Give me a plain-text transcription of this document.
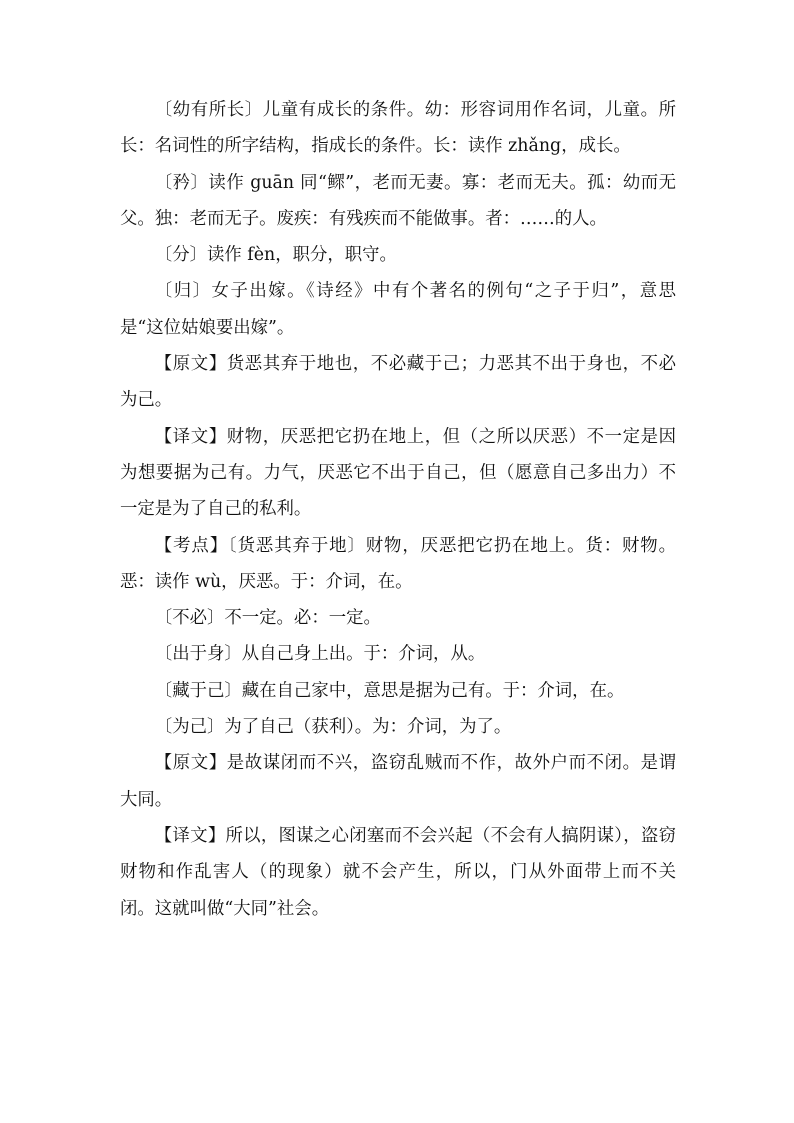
〔幼有所长〕儿童有成长的条件。幼：形容词用作名词，儿童。所长：名词性的所字结构，指成长的条件。长：读作 zhǎng，成长。

〔矜〕读作 guān 同“鳏”，老而无妻。寡：老而无夫。孤：幼而无父。独：老而无子。废疾：有残疾而不能做事。者：……的人。

〔分〕读作 fèn，职分，职守。

〔归〕女子出嫁。《诗经》中有个著名的例句“之子于归”，意思是“这位姑娘要出嫁”。

【原文】货恶其弃于地也，不必藏于己；力恶其不出于身也，不必为己。

【译文】财物，厌恶把它扔在地上，但（之所以厌恶）不一定是因为想要据为己有。力气，厌恶它不出于自己，但（愿意自己多出力）不一定是为了自己的私利。

【考点】〔货恶其弃于地〕财物，厌恶把它扔在地上。货：财物。恶：读作 wù，厌恶。于：介词，在。

〔不必〕不一定。必：一定。

〔出于身〕从自己身上出。于：介词，从。

〔藏于己〕藏在自己家中，意思是据为己有。于：介词，在。

〔为己〕为了自己（获利）。为：介词，为了。

【原文】是故谋闭而不兴，盗窃乱贼而不作，故外户而不闭。是谓大同。

【译文】所以，图谋之心闭塞而不会兴起（不会有人搞阴谋），盗窃财物和作乱害人（的现象）就不会产生，所以，门从外面带上而不关闭。这就叫做“大同”社会。
